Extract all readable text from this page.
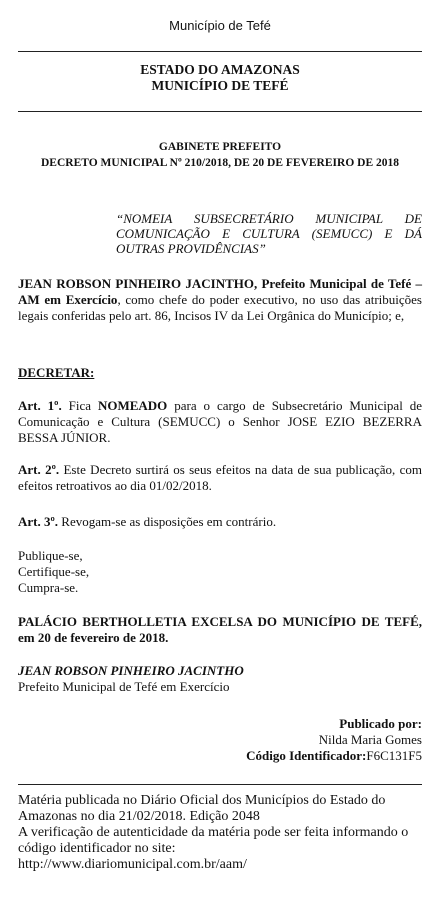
Município de Tefé
ESTADO DO AMAZONAS
MUNICÍPIO DE TEFÉ
GABINETE PREFEITO
DECRETO MUNICIPAL Nº 210/2018, DE 20 DE FEVEREIRO DE 2018
“NOMEIA SUBSECRETÁRIO MUNICIPAL DE COMUNICAÇÃO E CULTURA (SEMUCC) E DÁ OUTRAS PROVIDÊNCIAS”
JEAN ROBSON PINHEIRO JACINTHO, Prefeito Municipal de Tefé – AM em Exercício, como chefe do poder executivo, no uso das atribuições legais conferidas pelo art. 86, Incisos IV da Lei Orgânica do Município; e,
DECRETAR:
Art. 1º. Fica NOMEADO para o cargo de Subsecretário Municipal de Comunicação e Cultura (SEMUCC) o Senhor JOSE EZIO BEZERRA BESSA JÚNIOR.
Art. 2º. Este Decreto surtirá os seus efeitos na data de sua publicação, com efeitos retroativos ao dia 01/02/2018.
Art. 3º. Revogam-se as disposições em contrário.
Publique-se,
Certifique-se,
Cumpra-se.
PALÁCIO BERTHOLLETIA EXCELSA DO MUNICÍPIO DE TEFÉ, em 20 de fevereiro de 2018.
JEAN ROBSON PINHEIRO JACINTHO
Prefeito Municipal de Tefé em Exercício
Publicado por:
Nilda Maria Gomes
Código Identificador:F6C131F5
Matéria publicada no Diário Oficial dos Municípios do Estado do Amazonas no dia 21/02/2018. Edição 2048
A verificação de autenticidade da matéria pode ser feita informando o código identificador no site:
http://www.diariomunicipal.com.br/aam/
